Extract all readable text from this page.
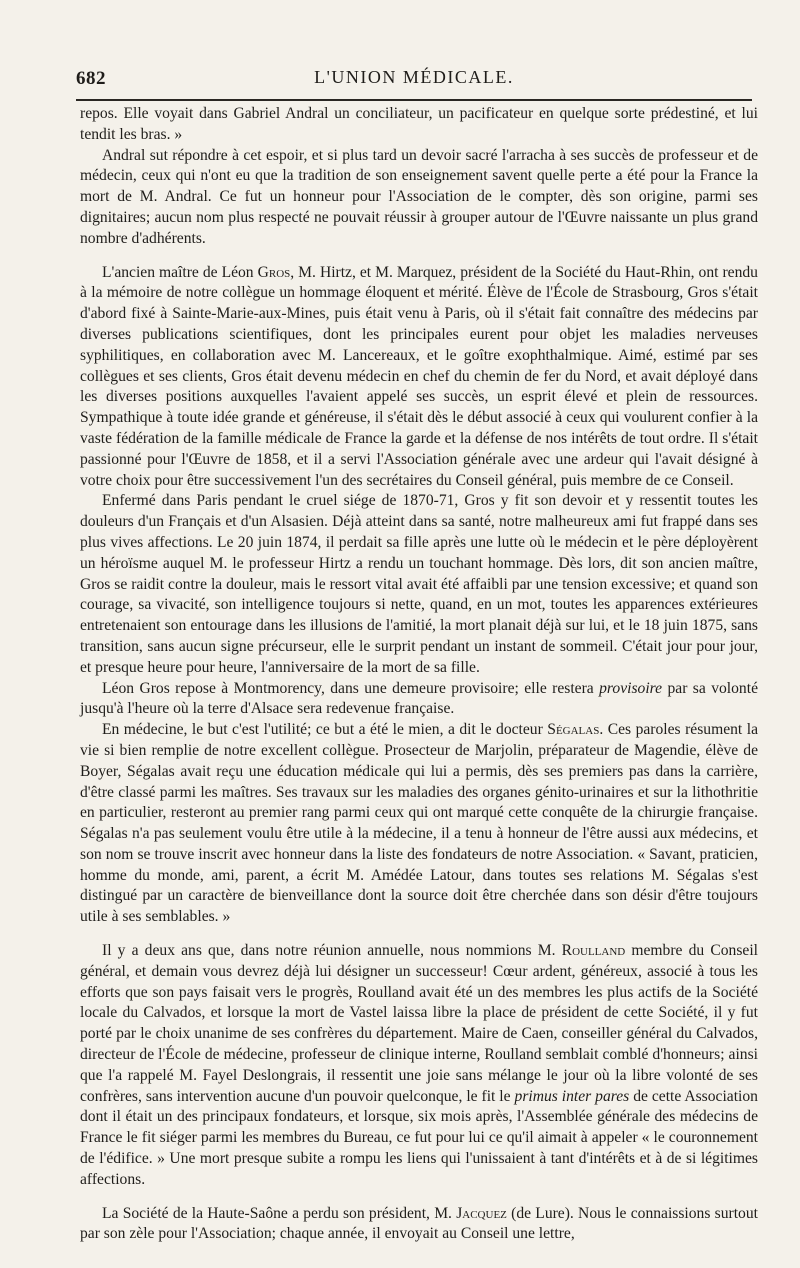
682	L'UNION MÉDICALE.

repos. Elle voyait dans Gabriel Andral un conciliateur, un pacificateur en quelque sorte prédestiné, et lui tendit les bras. »

Andral sut répondre à cet espoir, et si plus tard un devoir sacré l'arracha à ses succès de professeur et de médecin, ceux qui n'ont eu que la tradition de son enseignement savent quelle perte a été pour la France la mort de M. Andral. Ce fut un honneur pour l'Association de le compter, dès son origine, parmi ses dignitaires; aucun nom plus respecté ne pouvait réussir à grouper autour de l'Œuvre naissante un plus grand nombre d'adhérents.

L'ancien maître de Léon Gros, M. Hirtz, et M. Marquez, président de la Société du Haut-Rhin, ont rendu à la mémoire de notre collègue un hommage éloquent et mérité. Élève de l'École de Strasbourg, Gros s'était d'abord fixé à Sainte-Marie-aux-Mines, puis était venu à Paris, où il s'était fait connaître des médecins par diverses publications scientifiques, dont les principales eurent pour objet les maladies nerveuses syphilitiques, en collaboration avec M. Lancereaux, et le goître exophthalmique. Aimé, estimé par ses collègues et ses clients, Gros était devenu médecin en chef du chemin de fer du Nord, et avait déployé dans les diverses positions auxquelles l'avaient appelé ses succès, un esprit élevé et plein de ressources. Sympathique à toute idée grande et généreuse, il s'était dès le début associé à ceux qui voulurent confier à la vaste fédération de la famille médicale de France la garde et la défense de nos intérêts de tout ordre. Il s'était passionné pour l'Œuvre de 1858, et il a servi l'Association générale avec une ardeur qui l'avait désigné à votre choix pour être successivement l'un des secrétaires du Conseil général, puis membre de ce Conseil.

Enfermé dans Paris pendant le cruel siége de 1870-71, Gros y fit son devoir et y ressentit toutes les douleurs d'un Français et d'un Alsasien. Déjà atteint dans sa santé, notre malheureux ami fut frappé dans ses plus vives affections. Le 20 juin 1874, il perdait sa fille après une lutte où le médecin et le père déployèrent un héroïsme auquel M. le professeur Hirtz a rendu un touchant hommage. Dès lors, dit son ancien maître, Gros se raidit contre la douleur, mais le ressort vital avait été affaibli par une tension excessive; et quand son courage, sa vivacité, son intelligence toujours si nette, quand, en un mot, toutes les apparences extérieures entretenaient son entourage dans les illusions de l'amitié, la mort planait déjà sur lui, et le 18 juin 1875, sans transition, sans aucun signe précurseur, elle le surprit pendant un instant de sommeil. C'était jour pour jour, et presque heure pour heure, l'anniversaire de la mort de sa fille.

Léon Gros repose à Montmorency, dans une demeure provisoire; elle restera provisoire par sa volonté jusqu'à l'heure où la terre d'Alsace sera redevenue française.

En médecine, le but c'est l'utilité; ce but a été le mien, a dit le docteur Ségalas. Ces paroles résument la vie si bien remplie de notre excellent collègue. Prosecteur de Marjolin, préparateur de Magendie, élève de Boyer, Ségalas avait reçu une éducation médicale qui lui a permis, dès ses premiers pas dans la carrière, d'être classé parmi les maîtres. Ses travaux sur les maladies des organes génito-urinaires et sur la lithothritie en particulier, resteront au premier rang parmi ceux qui ont marqué cette conquête de la chirurgie française. Ségalas n'a pas seulement voulu être utile à la médecine, il a tenu à honneur de l'être aussi aux médecins, et son nom se trouve inscrit avec honneur dans la liste des fondateurs de notre Association. « Savant, praticien, homme du monde, ami, parent, a écrit M. Amédée Latour, dans toutes ses relations M. Ségalas s'est distingué par un caractère de bienveillance dont la source doit être cherchée dans son désir d'être toujours utile à ses semblables. »

Il y a deux ans que, dans notre réunion annuelle, nous nommions M. Roulland membre du Conseil général, et demain vous devrez déjà lui désigner un successeur! Cœur ardent, généreux, associé à tous les efforts que son pays faisait vers le progrès, Roulland avait été un des membres les plus actifs de la Société locale du Calvados, et lorsque la mort de Vastel laissa libre la place de président de cette Société, il y fut porté par le choix unanime de ses confrères du département. Maire de Caen, conseiller général du Calvados, directeur de l'École de médecine, professeur de clinique interne, Roulland semblait comblé d'honneurs; ainsi que l'a rappelé M. Fayel Deslongrais, il ressentit une joie sans mélange le jour où la libre volonté de ses confrères, sans intervention aucune d'un pouvoir quelconque, le fit le primus inter pares de cette Association dont il était un des principaux fondateurs, et lorsque, six mois après, l'Assemblée générale des médecins de France le fit siéger parmi les membres du Bureau, ce fut pour lui ce qu'il aimait à appeler « le couronnement de l'édifice. » Une mort presque subite a rompu les liens qui l'unissaient à tant d'intérêts et à de si légitimes affections.

La Société de la Haute-Saône a perdu son président, M. Jacquez (de Lure). Nous le connaissions surtout par son zèle pour l'Association; chaque année, il envoyait au Conseil une lettre,
